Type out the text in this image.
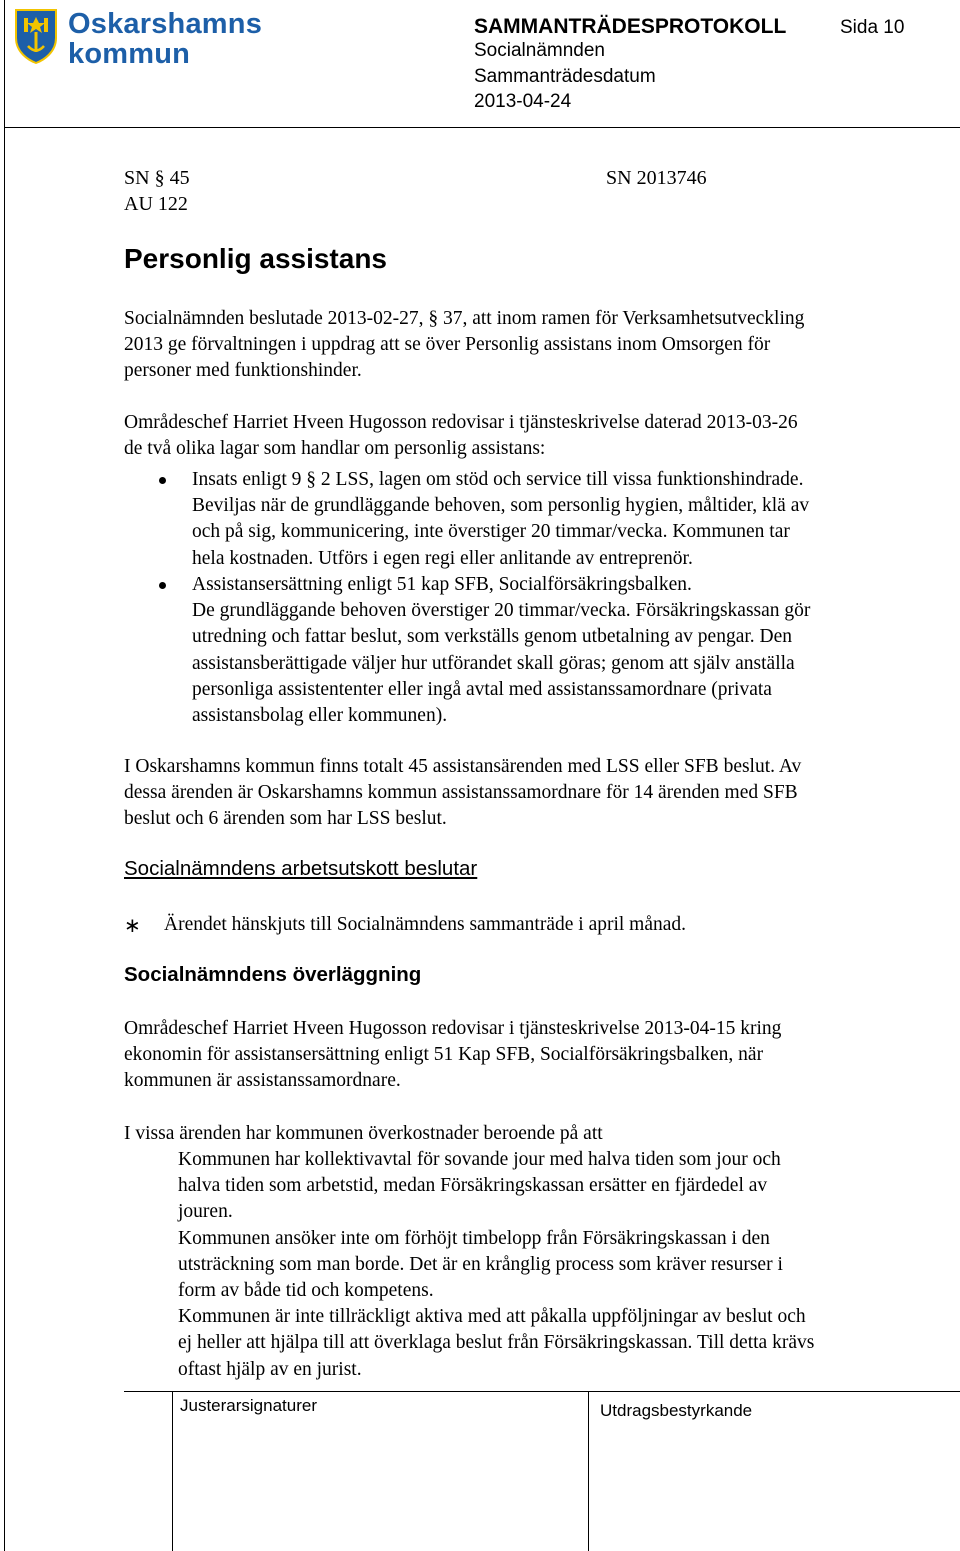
Oskarshamns
kommun
SAMMANTRÄDESPROTOKOLL	Sida 10
Socialnämnden
Sammanträdesdatum
2013-04-24
SN § 45
AU 122
SN 2013746
Personlig assistans
Socialnämnden beslutade 2013-02-27, § 37, att inom ramen för Verksamhetsutveckling
2013 ge förvaltningen i uppdrag att se över Personlig assistans inom Omsorgen för
personer med funktionshinder.
Områdeschef Harriet Hveen Hugosson redovisar i tjänsteskrivelse daterad 2013-03-26
de två olika lagar som handlar om personlig assistans:
Insats enligt 9 § 2 LSS, lagen om stöd och service till vissa funktionshindrade.
Beviljas när de grundläggande behoven, som personlig hygien, måltider, klä av
och på sig, kommunicering, inte överstiger 20 timmar/vecka. Kommunen tar
hela kostnaden. Utförs i egen regi eller anlitande av entreprenör.
Assistansersättning enligt 51 kap SFB, Socialförsäkringsbalken.
De grundläggande behoven överstiger 20 timmar/vecka. Försäkringskassan gör
utredning och fattar beslut, som verkställs genom utbetalning av pengar. Den
assistansberättigade väljer hur utförandet skall göras; genom att själv anställa
personliga assistententer eller ingå avtal med assistanssamordnare (privata
assistansbolag eller kommunen).
I Oskarshamns kommun finns totalt 45 assistansärenden med LSS eller SFB beslut. Av
dessa ärenden är Oskarshamns kommun assistanssamordnare för 14 ärenden med SFB
beslut och 6 ärenden som har LSS beslut.
Socialnämndens arbetsutskott beslutar
∗ Ärendet hänskjuts till Socialnämndens sammanträde i april månad.
Socialnämndens överläggning
Områdeschef Harriet Hveen Hugosson redovisar i tjänsteskrivelse 2013-04-15 kring
ekonomin för assistansersättning enligt 51 Kap SFB, Socialförsäkringsbalken, när
kommunen är assistanssamordnare.
I vissa ärenden har kommunen överkostnader beroende på att
Kommunen har kollektivavtal för sovande jour med halva tiden som jour och
halva tiden som arbetstid, medan Försäkringskassan ersätter en fjärdedel av
jouren.
Kommunen ansöker inte om förhöjt timbelopp från Försäkringskassan i den
utsträckning som man borde. Det är en krånglig process som kräver resurser i
form av både tid och kompetens.
Kommunen är inte tillräckligt aktiva med att påkalla uppföljningar av beslut och
ej heller att hjälpa till att överklaga beslut från Försäkringskassan. Till detta krävs
oftast hjälp av en jurist.
Justerarsignaturer	Utdragsbestyrkande
